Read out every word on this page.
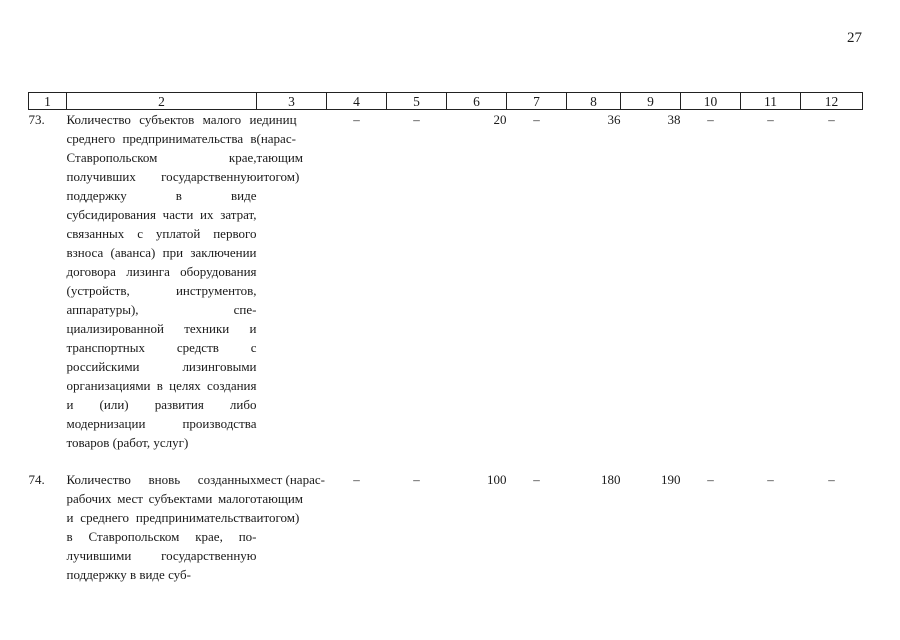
27
1	2	3	4	5	6	7	8	9	10	11	12
73.	Количество субъектов малого и среднего предпринимательства в Ставропольском крае, получивших государственную поддержку в виде субсидирования части их затрат, связанных с уплатой первого взноса (аванса) при заключении договора лизинга оборудования (устройств, инструментов, аппаратуры), специализированной техники и транспортных средств с российскими лизинговыми организациями в целях создания и (или) развития либо модернизации производства товаров (работ, услуг)	единиц (нарастающим итогом)	–	–	20	–	36	38	–	–	–

74.	Количество вновь созданных рабочих мест субъектами малого и среднего предпринимательства в Ставропольском крае, получившими государственную поддержку в виде суб-	мест (нарастающим итогом)	–	–	100	–	180	190	–	–	–
